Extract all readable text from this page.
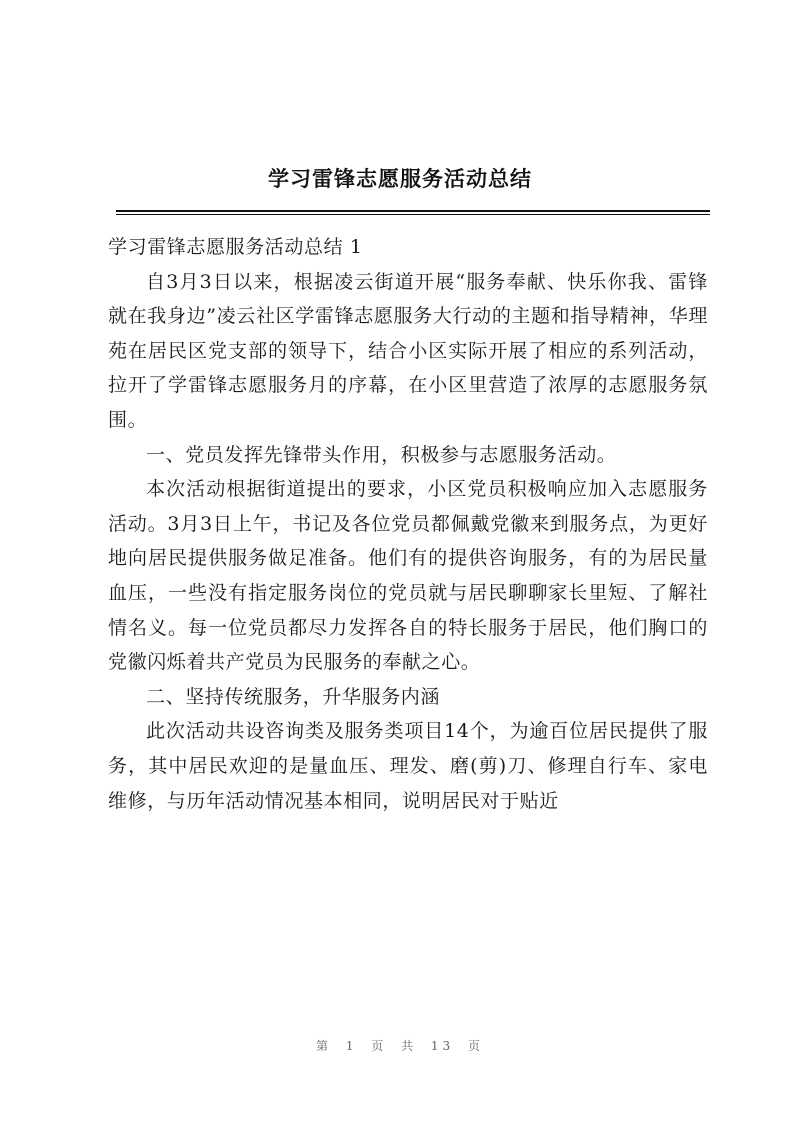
学习雷锋志愿服务活动总结

学习雷锋志愿服务活动总结 1

自3月3日以来，根据凌云街道开展“服务奉献、快乐你我、雷锋就在我身边”凌云社区学雷锋志愿服务大行动的主题和指导精神，华理苑在居民区党支部的领导下，结合小区实际开展了相应的系列活动，拉开了学雷锋志愿服务月的序幕，在小区里营造了浓厚的志愿服务氛围。

一、党员发挥先锋带头作用，积极参与志愿服务活动。

本次活动根据街道提出的要求，小区党员积极响应加入志愿服务活动。3月3日上午，书记及各位党员都佩戴党徽来到服务点，为更好地向居民提供服务做足准备。他们有的提供咨询服务，有的为居民量血压，一些没有指定服务岗位的党员就与居民聊聊家长里短、了解社情名义。每一位党员都尽力发挥各自的特长服务于居民，他们胸口的党徽闪烁着共产党员为民服务的奉献之心。

二、坚持传统服务，升华服务内涵

此次活动共设咨询类及服务类项目14个，为逾百位居民提供了服务，其中居民欢迎的是量血压、理发、磨(剪)刀、修理自行车、家电维修，与历年活动情况基本相同，说明居民对于贴近

第 1 页 共 13 页
